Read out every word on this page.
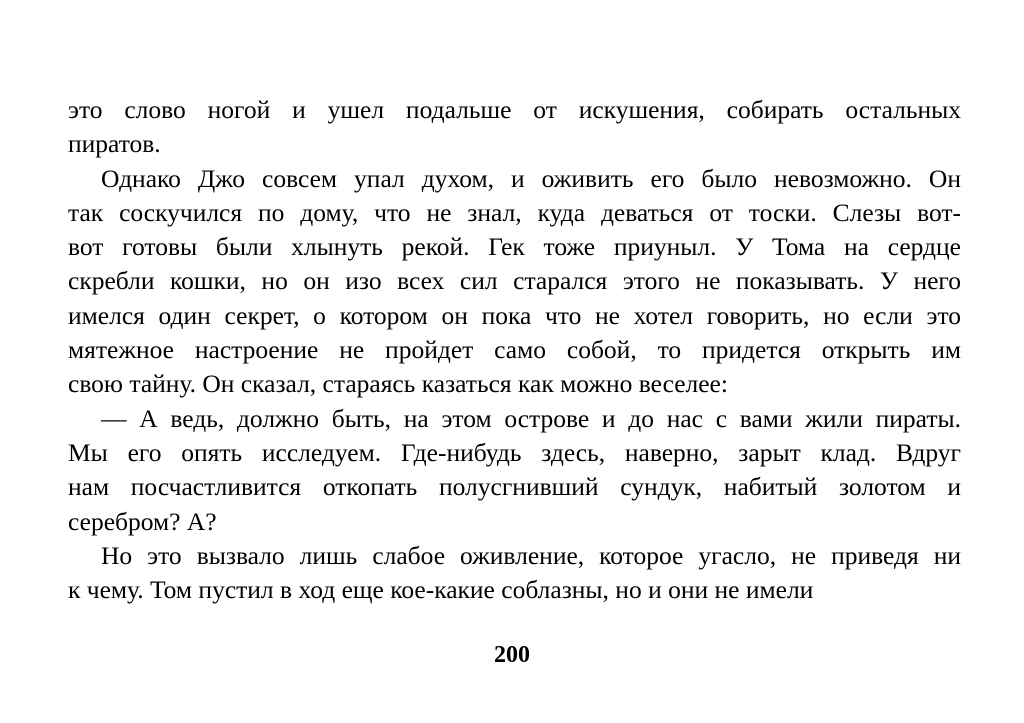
это слово ногой и ушел подальше от искушения, собирать остальных
пиратов.
Однако Джо совсем упал духом, и оживить его было невозможно. Он
так соскучился по дому, что не знал, куда деваться от тоски. Слезы вот-
вот готовы были хлынуть рекой. Гек тоже приуныл. У Тома на сердце
скребли кошки, но он изо всех сил старался этого не показывать. У него
имелся один секрет, о котором он пока что не хотел говорить, но если это
мятежное настроение не пройдет само собой, то придется открыть им
свою тайну. Он сказал, стараясь казаться как можно веселее:
— А ведь, должно быть, на этом острове и до нас с вами жили пираты.
Мы его опять исследуем. Где-нибудь здесь, наверно, зарыт клад. Вдруг
нам посчастливится откопать полусгнивший сундук, набитый золотом и
серебром? А?
Но это вызвало лишь слабое оживление, которое угасло, не приведя ни
к чему. Том пустил в ход еще кое-какие соблазны, но и они не имели
200
